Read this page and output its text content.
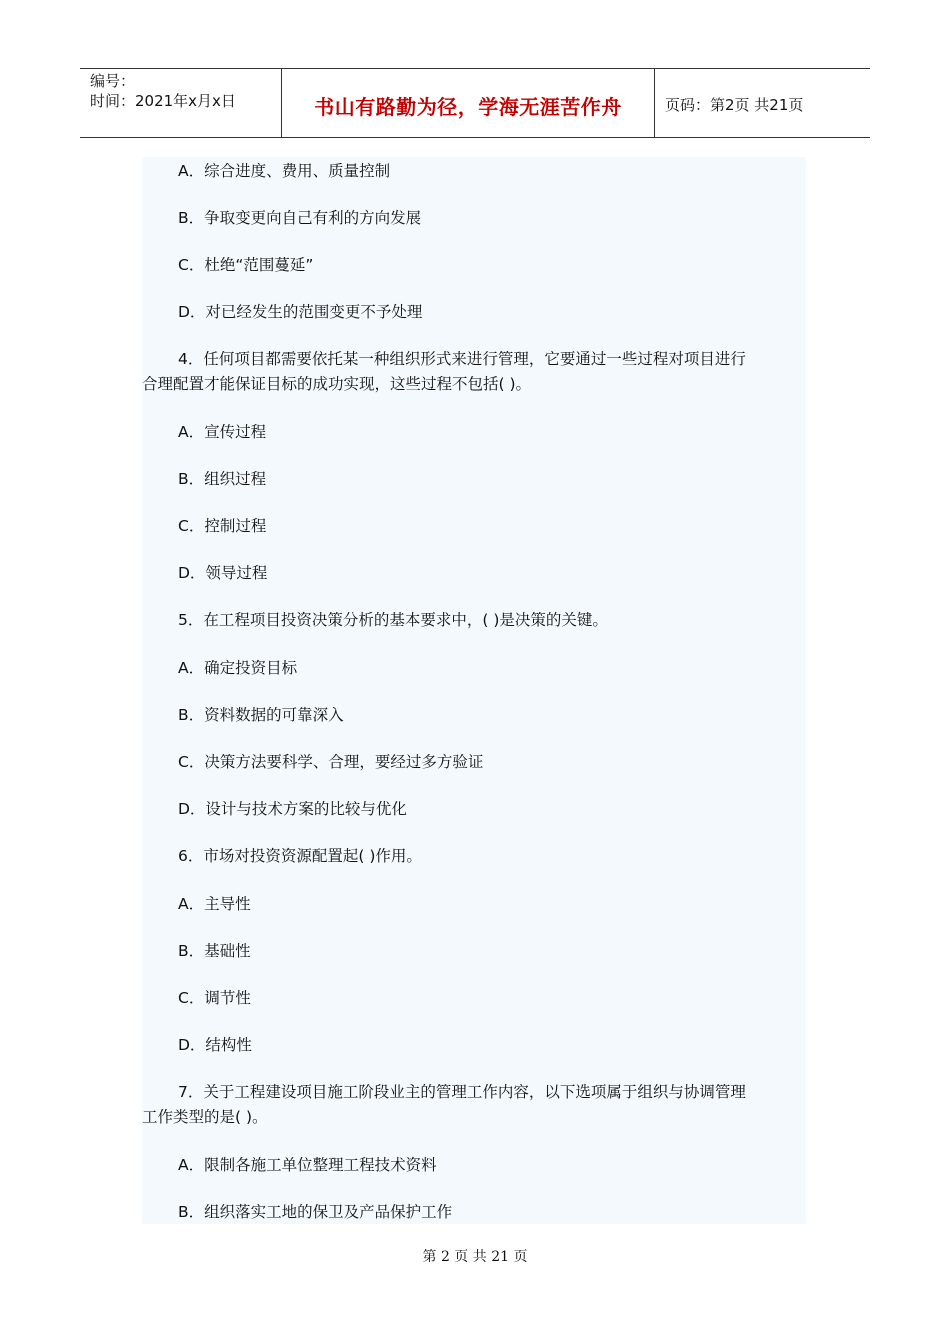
编号：
时间：2021年x月x日	书山有路勤为径，学海无涯苦作舟	页码：第2页 共21页
A．综合进度、费用、质量控制
B．争取变更向自己有利的方向发展
C．杜绝“范围蔓延”
D．对已经发生的范围变更不予处理
4．任何项目都需要依托某一种组织形式来进行管理，它要通过一些过程对项目进行
合理配置才能保证目标的成功实现，这些过程不包括( )。
A．宣传过程
B．组织过程
C．控制过程
D．领导过程
5．在工程项目投资决策分析的基本要求中，( )是决策的关键。
A．确定投资目标
B．资料数据的可靠深入
C．决策方法要科学、合理，要经过多方验证
D．设计与技术方案的比较与优化
6．市场对投资资源配置起( )作用。
A．主导性
B．基础性
C．调节性
D．结构性
7．关于工程建设项目施工阶段业主的管理工作内容，以下选项属于组织与协调管理
工作类型的是( )。
A．限制各施工单位整理工程技术资料
B．组织落实工地的保卫及产品保护工作
第 2 页 共 21 页
